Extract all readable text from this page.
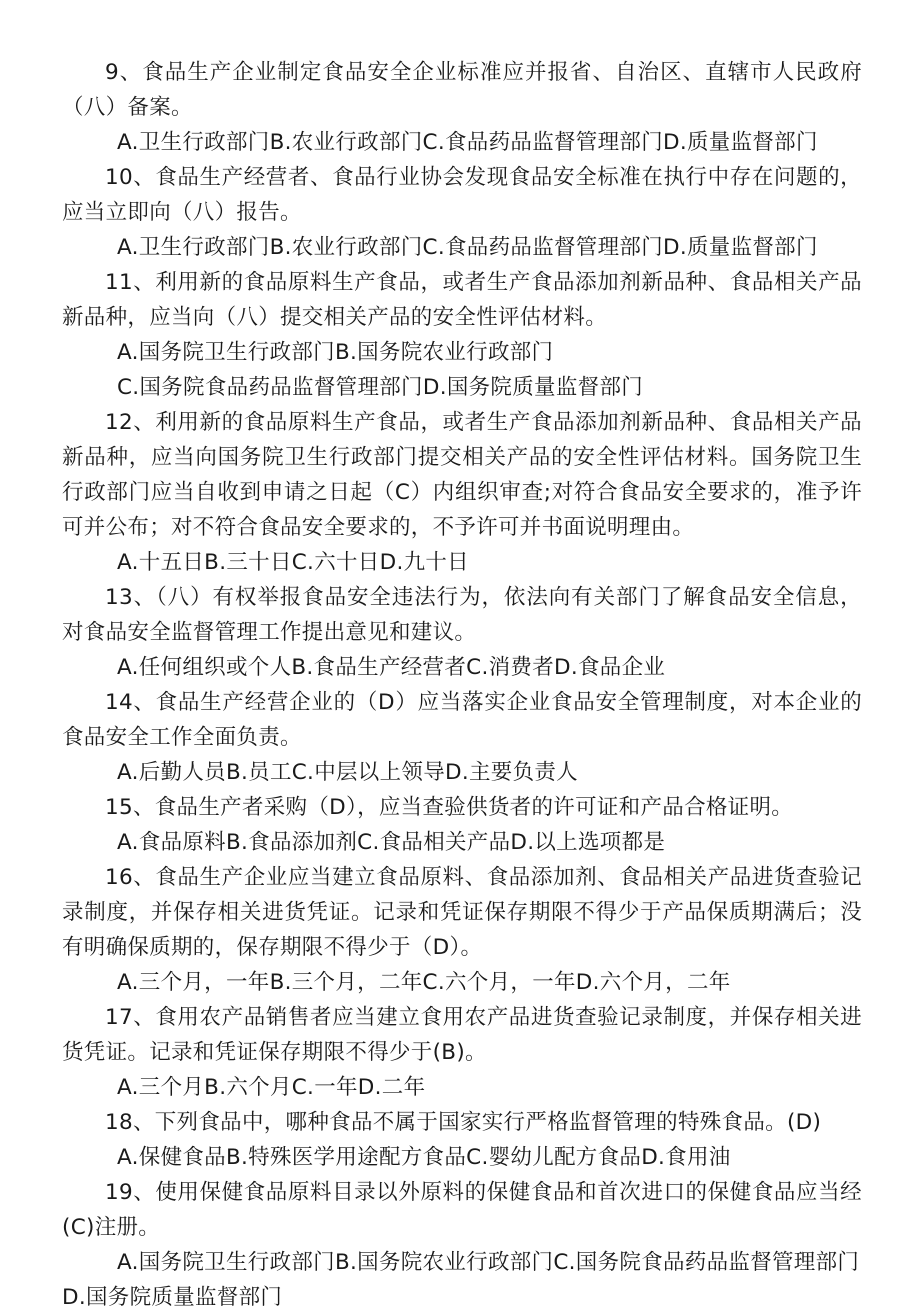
9、食品生产企业制定食品安全企业标准应并报省、自治区、直辖市人民政府（八）备案。

A.卫生行政部门B.农业行政部门C.食品药品监督管理部门D.质量监督部门

10、食品生产经营者、食品行业协会发现食品安全标准在执行中存在问题的，应当立即向（八）报告。

A.卫生行政部门B.农业行政部门C.食品药品监督管理部门D.质量监督部门

11、利用新的食品原料生产食品，或者生产食品添加剂新品种、食品相关产品新品种，应当向（八）提交相关产品的安全性评估材料。

A.国务院卫生行政部门B.国务院农业行政部门

C.国务院食品药品监督管理部门D.国务院质量监督部门

12、利用新的食品原料生产食品，或者生产食品添加剂新品种、食品相关产品新品种，应当向国务院卫生行政部门提交相关产品的安全性评估材料。国务院卫生行政部门应当自收到申请之日起（C）内组织审查;对符合食品安全要求的，准予许可并公布；对不符合食品安全要求的，不予许可并书面说明理由。

A.十五日B.三十日C.六十日D.九十日

13、（八）有权举报食品安全违法行为，依法向有关部门了解食品安全信息，对食品安全监督管理工作提出意见和建议。

A.任何组织或个人B.食品生产经营者C.消费者D.食品企业

14、食品生产经营企业的（D）应当落实企业食品安全管理制度，对本企业的食品安全工作全面负责。

A.后勤人员B.员工C.中层以上领导D.主要负责人

15、食品生产者采购（D），应当查验供货者的许可证和产品合格证明。

A.食品原料B.食品添加剂C.食品相关产品D.以上选项都是

16、食品生产企业应当建立食品原料、食品添加剂、食品相关产品进货查验记录制度，并保存相关进货凭证。记录和凭证保存期限不得少于产品保质期满后；没有明确保质期的，保存期限不得少于（D）。

A.三个月，一年B.三个月，二年C.六个月，一年D.六个月，二年

17、食用农产品销售者应当建立食用农产品进货查验记录制度，并保存相关进货凭证。记录和凭证保存期限不得少于(B)。

A.三个月B.六个月C.一年D.二年

18、下列食品中，哪种食品不属于国家实行严格监督管理的特殊食品。(D)

A.保健食品B.特殊医学用途配方食品C.婴幼儿配方食品D.食用油

19、使用保健食品原料目录以外原料的保健食品和首次进口的保健食品应当经(C)注册。

A.国务院卫生行政部门B.国务院农业行政部门C.国务院食品药品监督管理部门D.国务院质量监督部门
